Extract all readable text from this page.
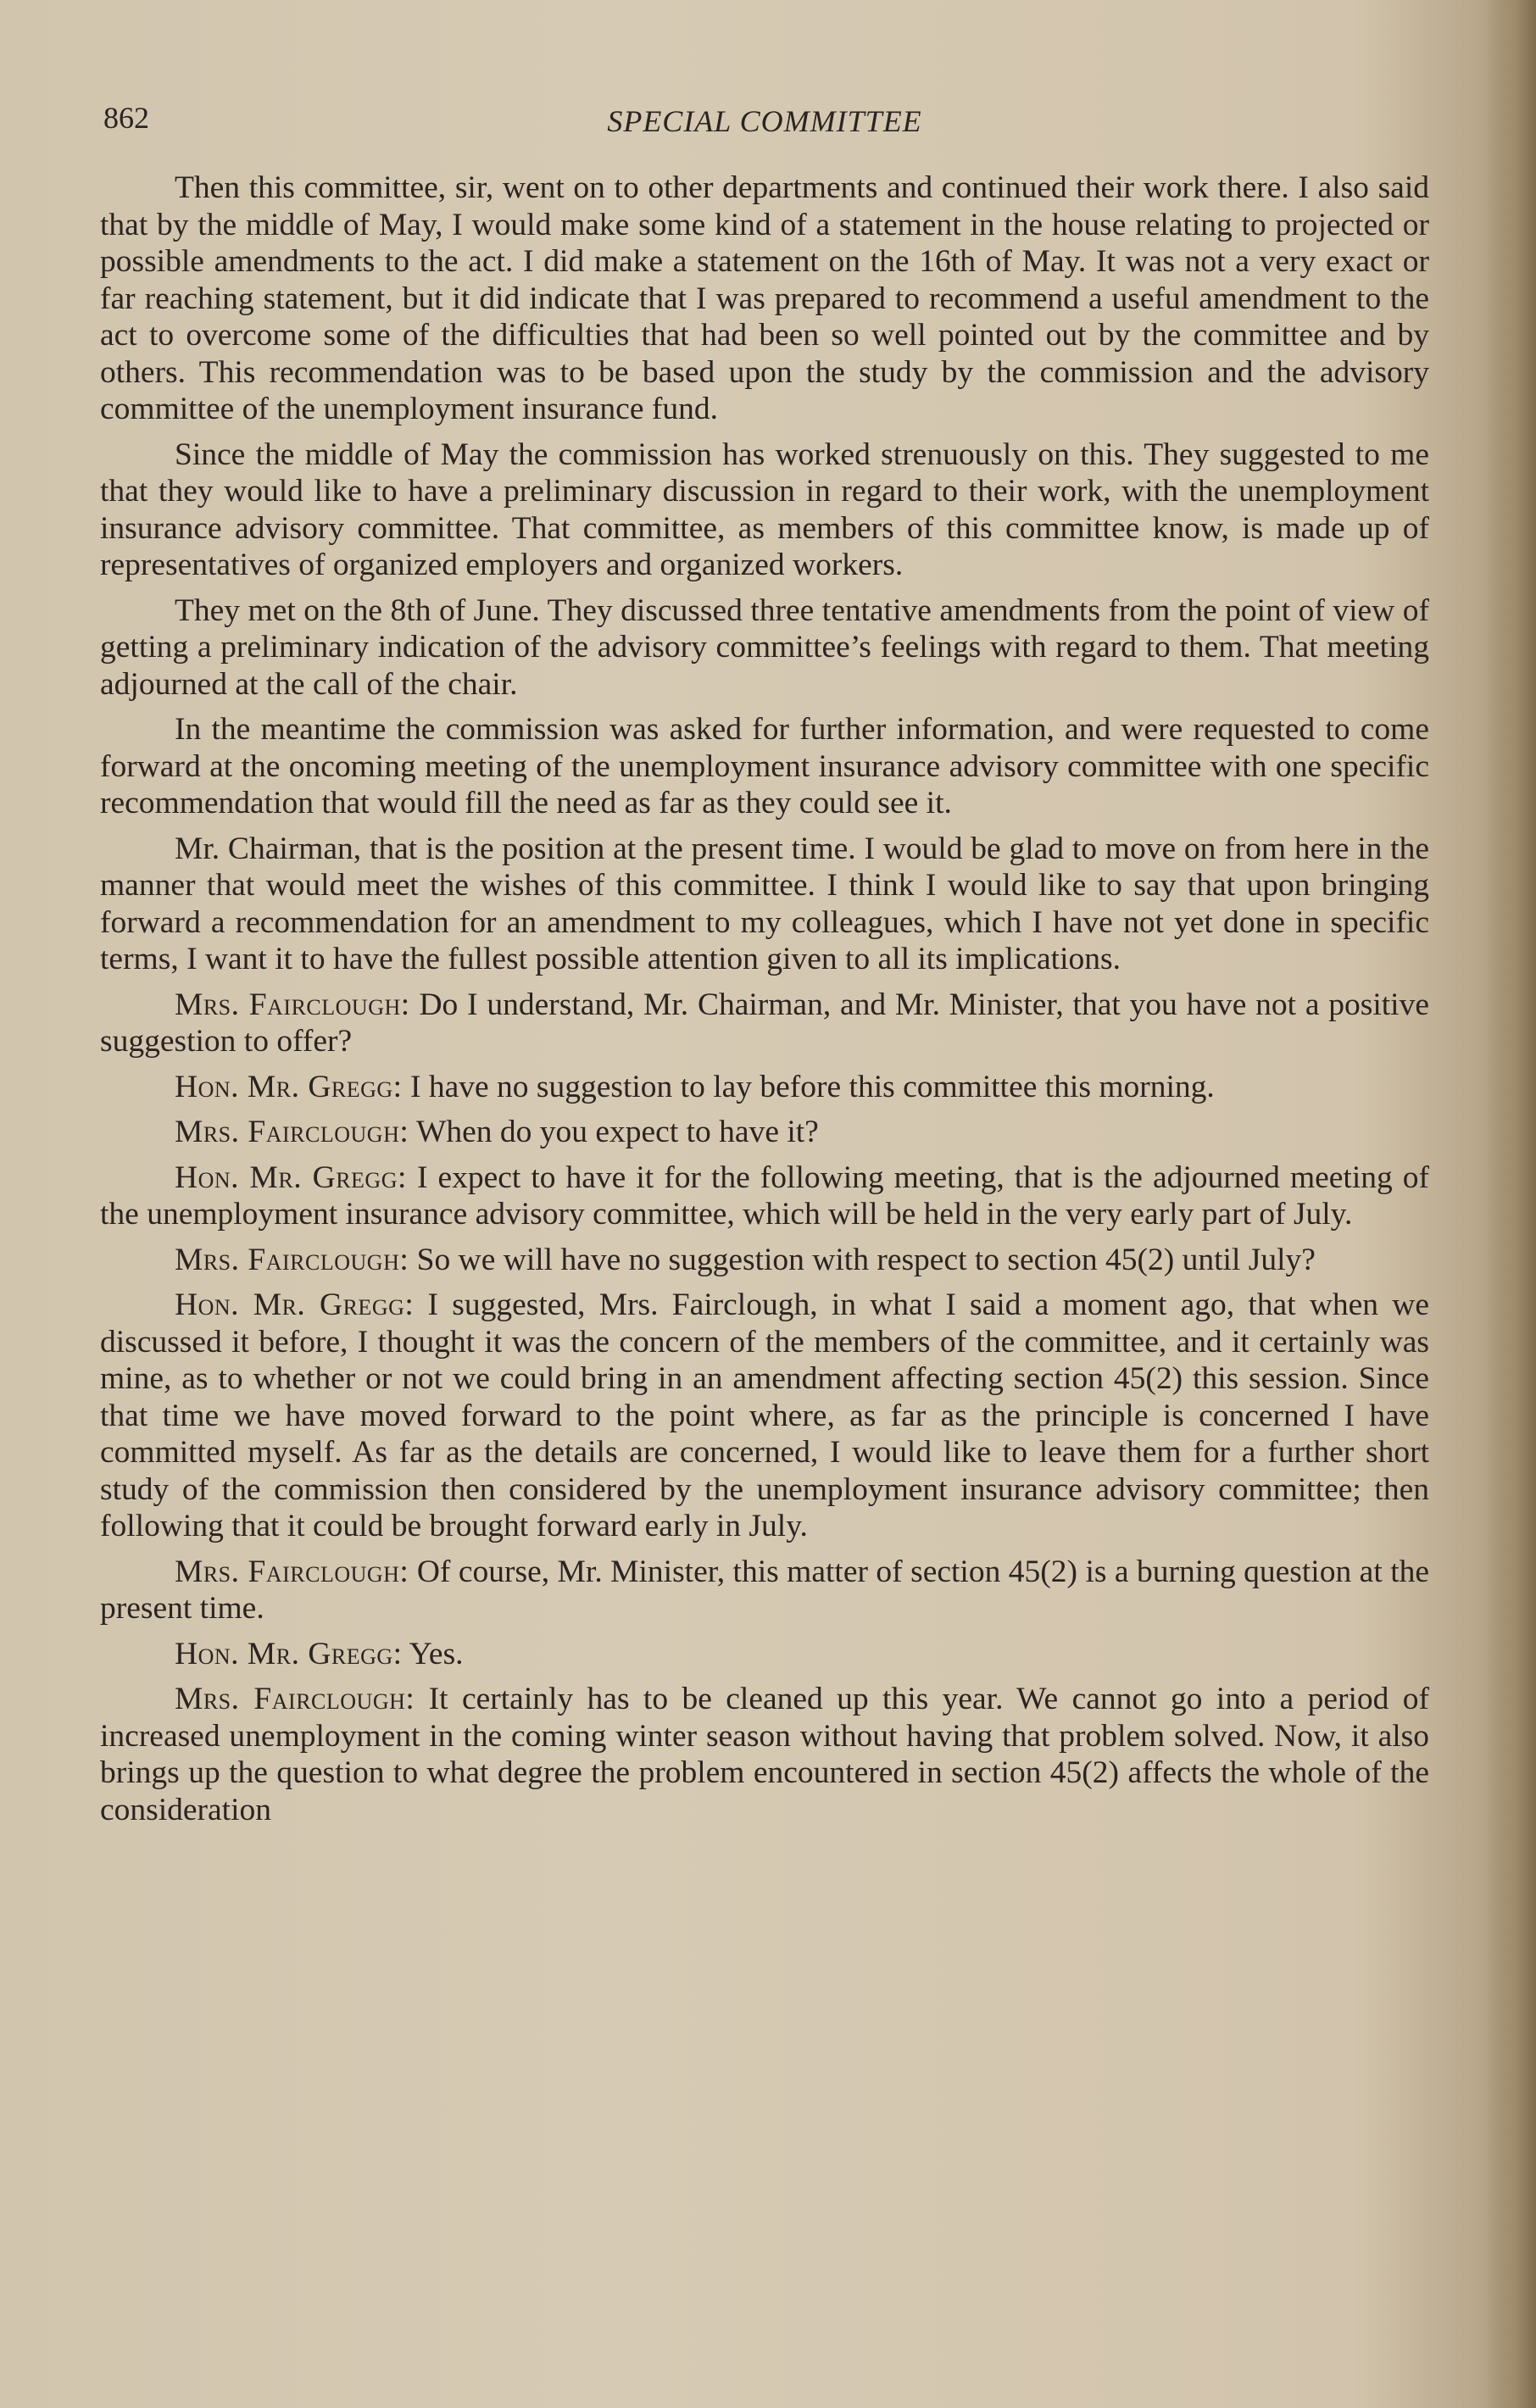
862	SPECIAL COMMITTEE

Then this committee, sir, went on to other departments and continued their work there. I also said that by the middle of May, I would make some kind of a statement in the house relating to projected or possible amendments to the act. I did make a statement on the 16th of May. It was not a very exact or far reaching statement, but it did indicate that I was prepared to recommend a useful amendment to the act to overcome some of the difficulties that had been so well pointed out by the committee and by others. This recommendation was to be based upon the study by the commission and the advisory committee of the unemployment insurance fund.

Since the middle of May the commission has worked strenuously on this. They suggested to me that they would like to have a preliminary discussion in regard to their work, with the unemployment insurance advisory committee. That committee, as members of this committee know, is made up of representatives of organized employers and organized workers.

They met on the 8th of June. They discussed three tentative amendments from the point of view of getting a preliminary indication of the advisory committee’s feelings with regard to them. That meeting adjourned at the call of the chair.

In the meantime the commission was asked for further information, and were requested to come forward at the oncoming meeting of the unemployment insurance advisory committee with one specific recommendation that would fill the need as far as they could see it.

Mr. Chairman, that is the position at the present time. I would be glad to move on from here in the manner that would meet the wishes of this committee. I think I would like to say that upon bringing forward a recommendation for an amendment to my colleagues, which I have not yet done in specific terms, I want it to have the fullest possible attention given to all its implications.

Mrs. Fairclough: Do I understand, Mr. Chairman, and Mr. Minister, that you have not a positive suggestion to offer?

Hon. Mr. Gregg: I have no suggestion to lay before this committee this morning.

Mrs. Fairclough: When do you expect to have it?

Hon. Mr. Gregg: I expect to have it for the following meeting, that is the adjourned meeting of the unemployment insurance advisory committee, which will be held in the very early part of July.

Mrs. Fairclough: So we will have no suggestion with respect to section 45(2) until July?

Hon. Mr. Gregg: I suggested, Mrs. Fairclough, in what I said a moment ago, that when we discussed it before, I thought it was the concern of the members of the committee, and it certainly was mine, as to whether or not we could bring in an amendment affecting section 45(2) this session. Since that time we have moved forward to the point where, as far as the principle is concerned I have committed myself. As far as the details are concerned, I would like to leave them for a further short study of the commission then considered by the unemployment insurance advisory committee; then following that it could be brought forward early in July.

Mrs. Fairclough: Of course, Mr. Minister, this matter of section 45(2) is a burning question at the present time.

Hon. Mr. Gregg: Yes.

Mrs. Fairclough: It certainly has to be cleaned up this year. We cannot go into a period of increased unemployment in the coming winter season without having that problem solved. Now, it also brings up the question to what degree the problem encountered in section 45(2) affects the whole of the consideration
